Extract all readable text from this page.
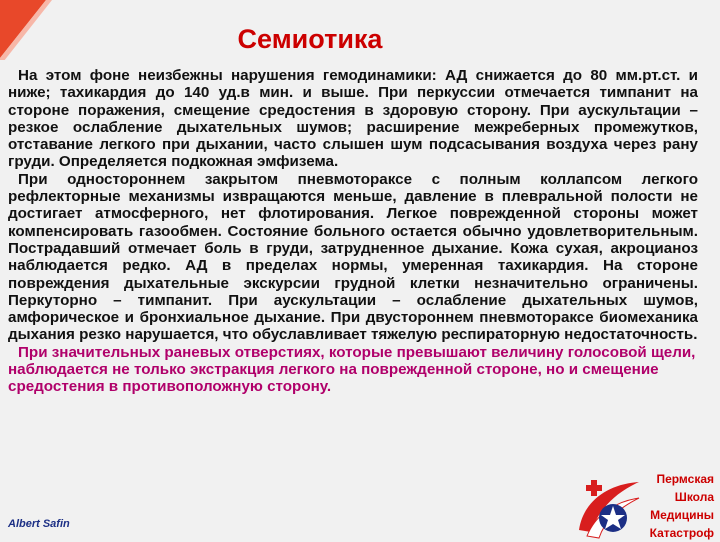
Семиотика

На этом фоне неизбежны нарушения гемодинамики: АД снижается до 80 мм.рт.ст. и ниже; тахикардия до 140 уд.в мин. и выше. При перкуссии отмечается тимпанит на стороне поражения, смещение средостения в здоровую сторону. При аускультации – резкое ослабление дыхательных шумов; расширение межреберных промежутков, отставание легкого при дыхании, часто слышен шум подсасывания воздуха через рану груди. Определяется подкожная эмфизема.

При одностороннем закрытом пневмотораксе с полным коллапсом легкого рефлекторные механизмы извращаются меньше, давление в плевральной полости не достигает атмосферного, нет флотирования. Легкое поврежденной стороны может компенсировать газообмен. Состояние больного остается обычно удовлетворительным. Пострадавший отмечает боль в груди, затрудненное дыхание. Кожа сухая, акроцианоз наблюдается редко. АД в пределах нормы, умеренная тахикардия. На стороне повреждения дыхательные экскурсии грудной клетки незначительно ограничены. Перкуторно – тимпанит. При аускультации – ослабление дыхательных шумов, амфорическое и бронхиальное дыхание. При двустороннем пневмотораксе биомеханика дыхания резко нарушается, что обуславливает тяжелую респираторную недостаточность.

При значительных раневых отверстиях, которые превышают величину голосовой щели, наблюдается не только экстракция легкого на поврежденной стороне, но и смещение средостения в противоположную сторону.

Albert Safin
Пермская
Школа
Медицины
Катастроф
